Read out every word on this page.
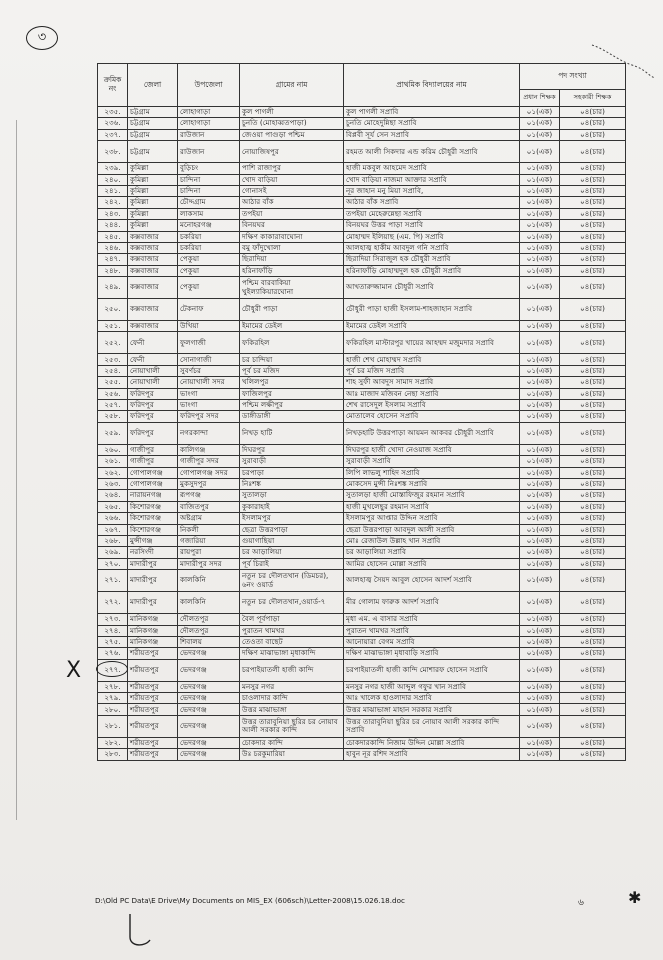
৩
ক্রমিক নং	জেলা	উপজেলা	গ্রামের নাম	প্রাথমিক বিদ্যালয়ের নাম	পদ সংখ্যা	
					প্রধান শিক্ষক	সহকারী শিক্ষক
২৩৫.	চট্টগ্রাম	লোহাগাড়া	কুল পাগলী	কুল পাগলী সপ্রাবি	০১(এক)	০৪(চার)
২৩৬.	চট্টগ্রাম	লোহাগাড়া	চুনতি (মোহাব্বতপাড়া)	চুনতি মোহেদুন্নিছা সপ্রাবি	০১(এক)	০৪(চার)
২৩৭.	চট্টগ্রাম	রাউজান	জেওয়া পাগুড়া পশ্চিম	বিপ্লবী সূর্য সেন সপ্রাবি	০১(এক)	০৪(চার)
২৩৮.	চট্টগ্রাম	রাউজান	নোয়াজিষপুর	রহমত আলী সিকদার এন্ড করিম চৌধুরী সপ্রাবি	০১(এক)	০৪(চার)
২৩৯.	কুমিল্লা	বুড়িচং	পাশি রাজাপুর	হাজী মকবুল আহমেদ সপ্রাবি	০১(এক)	০৪(চার)
২৪০.	কুমিল্লা	চান্দিনা	খোদ বাড়িয়া	খোদ বাড়িয়া নাজমা আক্তার সপ্রাবি	০১(এক)	০৪(চার)
২৪১.	কুমিল্লা	চান্দিনা	গোনাসই	নূর জাহান মনু মিয়া সপ্রাবি,	০১(এক)	০৪(চার)
২৪২.	কুমিল্লা	চৌদ্দগ্রাম	আঠার বাঁক	আঠার বাঁক সপ্রাবি	০১(এক)	০৪(চার)
২৪৩.	কুমিল্লা	লাকসাম	তপইয়া	তপইয়া মেহেরুন্নেছা সপ্রাবি	০১(এক)	০৪(চার)
২৪৪.	কুমিল্লা	মনোহরগঞ্জ	বিনয়ঘর	বিনয়ঘর উত্তর পাড়া সপ্রাবি	০১(এক)	০৪(চার)
২৪৫.	কক্সবাজার	চকরিয়া	দক্ষিণ কাকারাবাঘোনা	মোহাম্মদ ইলিয়াছ (এম. পি) সপ্রাবি	০১(এক)	০৪(চার)
২৪৬.	কক্সবাজার	চকরিয়া	বমু ফাঁদুখোলা	আলহাজ্ব হাকীম আবদুল গনি সপ্রাবি	০১(এক)	০৪(চার)
২৪৭.	কক্সবাজার	পেকুয়া	ছিরাদিয়া	ছিরাদিয়া সিরাজুল হক চৌধুরী সপ্রাবি	০১(এক)	০৪(চার)
২৪৮.	কক্সবাজার	পেকুয়া	হরিনাফাঁড়ি	হরিনাফাঁড়ি মোহাম্মদুল হক চৌধুরী সপ্রাবি	০১(এক)	০৪(চার)
২৪৯.	কক্সবাজার	পেকুয়া	পশ্চিম বারবাকিয়া খুইল্যাকিয়ারঘোনা	আখতারুজ্জামান চৌধুরী সপ্রাবি	০১(এক)	০৪(চার)
২৫০.	কক্সবাজার	টেকনাফ	চৌধুরী পাড়া	চৌধুরী পাড়া হাজী ইসলাম-শাহজাহান সপ্রাবি	০১(এক)	০৪(চার)
২৫১.	কক্সবাজার	উখিয়া	ইমামের ডেইল	ইমামের ডেইল সপ্রাবি	০১(এক)	০৪(চার)
২৫২.	ফেনী	ফুলগাজী	ফকিরহিল	ফকিরহিল মাস্টারপুর খায়ের আহম্মদ মজুমদার সপ্রাবি	০১(এক)	০৪(চার)
২৫৩.	ফেনী	সোনাগাজী	চর চান্দিয়া	হাজী শেখ মোহাম্মদ সপ্রাবি	০১(এক)	০৪(চার)
২৫৪.	নোয়াখালী	সুবর্ণচর	পূর্ব চর মজিদ	পূর্ব চর মজিদ সপ্রাবি	০১(এক)	০৪(চার)
২৫৫.	নোয়াখালী	নোয়াখালী সদর	খলিলপুর	শাহ সুফী আবদুস সামাদ সপ্রাবি	০১(এক)	০৪(চার)
২৫৬.	ফরিদপুর	ভাংগা	ফাজিলপুর	আঃ মাজাদ মজিবন নেছা সপ্রাবি	০১(এক)	০৪(চার)
২৫৭.	ফরিদপুর	ভাংগা	পশ্চিম লক্ষীপুর	শেখ রাসেদুল ইসলাম সপ্রাবি	০১(এক)	০৪(চার)
২৫৮.	ফরিদপুর	ফরিদপুর সদর	ডাঙ্গীডাঙ্গী	মোতালেব হোসেন সপ্রাবি	০১(এক)	০৪(চার)
২৫৯.	ফরিদপুর	নগরকান্দা	নিখড় হাটি	নিখড়হাটি উত্তরপাড়া আয়মন আকবর চৌধুরী সপ্রাবি	০১(এক)	০৪(চার)
২৬০.	গাজীপুর	কালিগঞ্জ	দিঘরপুর	দিঘরপুর হাজী খোদা নেওয়াজ সপ্রাবি	০১(এক)	০৪(চার)
২৬১.	গাজীপুর	গাজীপুর সদর	সুরাবাড়ী	সুরাবাড়ী সপ্রাবি	০১(এক)	০৪(চার)
২৬২.	গোপালগঞ্জ	গোপালগঞ্জ সদর	চরপাড়া	লিপি লাভলু শাহিদ সপ্রাবি	০১(এক)	০৪(চার)
২৬৩.	গোপালগঞ্জ	মুকসুদপুর	নিঃশঙ্ক	মোকসেদ মুন্সী নিঃশঙ্ক সপ্রাবি	০১(এক)	০৪(চার)
২৬৪.	নারায়নগঞ্জ	রূপগঞ্জ	সুতালড়া	সুতালড়া হাজী মোস্তাফিজুর রহমান সপ্রাবি	০১(এক)	০৪(চার)
২৬৫.	কিশোরগঞ্জ	বাজিতপুর	কুকারাহাই	হাজী মুখলেছুর রহমান সপ্রাবি	০১(এক)	০৪(চার)
২৬৬.	কিশোরগঞ্জ	অষ্টগ্রাম	ইসলামপুর	ইসলামপুর আপ্তার উদ্দিন সপ্রাবি	০১(এক)	০৪(চার)
২৬৭.	কিশোরগঞ্জ	নিকলী	ছেত্রা উত্তরপাড়া	ছেত্রা উত্তরপাড়া আবদুল আলী সপ্রাবি	০১(এক)	০৪(চার)
২৬৮.	মুন্সীগঞ্জ	গজারিয়া	গুয়াগাছিয়া	মোঃ রেজাউল উল্লাহ খান সপ্রাবি	০১(এক)	০৪(চার)
২৬৯.	নরসিংদী	রায়পুরা	চর আড়ালিয়া	চর আড়ালিয়া সপ্রাবি	০১(এক)	০৪(চার)
২৭০.	মাদারীপুর	মাদারীপুর সদর	পূর্ব চিরাই	আমির হোসেন মোল্লা সপ্রাবি	০১(এক)	০৪(চার)
২৭১.	মাদারীপুর	কালকিনি	নতুন চর দৌলতখান (ডিমচর), ৬নং ওয়ার্ড	আলহাজ্ব সৈয়দ আবুল হোসেন আদর্শ সপ্রাবি	০১(এক)	০৪(চার)
২৭২.	মাদারীপুর	কালকিনি	নতুন চর দৌলতখান,ওয়ার্ড-৭	মীর গোলাম ফারুক আদর্শ সপ্রাবি	০১(এক)	০৪(চার)
২৭৩.	মানিকগঞ্জ	দৌলতপুর	বৈল পূর্বপাড়া	মৃধা এম. এ বাসার সপ্রাবি	০১(এক)	০৪(চার)
২৭৪.	মানিকগঞ্জ	দৌলতপুর	পুরাতন খামখর	পুরাতন খামখর সপ্রাবি	০১(এক)	০৪(চার)
২৭৫.	মানিকগঞ্জ	শিবালয়	তেওতা বাছেট	আনোয়ারা বেগম সপ্রাবি	০১(এক)	০৪(চার)
২৭৬.	শরীয়তপুর	ভেদরগঞ্জ	দক্ষিণ মাঝাভাঙ্গা মৃধাকান্দি	দক্ষিণ মাঝাভাঙ্গা মৃধাবাড়ি সপ্রাবি	০১(এক)	০৪(চার)
২৭৭.	শরীয়তপুর	ভেদরগঞ্জ	চরপাইয়াতলী হাজী কান্দি	চরপাইয়াতলী হাজী কান্দি মোশারফ হোসেন সপ্রাবি	০১(এক)	০৪(চার)
২৭৮.	শরীয়তপুর	ভেদরগঞ্জ	মনসুর নগর	মনসুর নগর হাজী আব্দুল গফুর খান সপ্রাবি	০১(এক)	০৪(চার)
২৭৯.	শরীয়তপুর	ভেদরগঞ্জ	চাওলাদার কান্দি	আঃ খালেক হাওলাদার সপ্রাবি	০১(এক)	০৪(চার)
২৮০.	শরীয়তপুর	ভেদরগঞ্জ	উত্তর মাঝাভাঙ্গা	উত্তর মাঝাভাঙ্গা মাহান সরকার সপ্রাবি	০১(এক)	০৪(চার)
২৮১.	শরীয়তপুর	ভেদরগঞ্জ	উত্তর তারাবুনিয়া ছুরির চর নোয়াব আলী সরকার কান্দি	উত্তর তারাবুনিয়া ছুরির চর নোয়াব আলী সরকার কান্দি সপ্রাবি	০১(এক)	০৪(চার)
২৮২.	শরীয়তপুর	ভেদরগঞ্জ	চোকদার কান্দি	চোকদারকান্দি নিজাম উদ্দিন মোল্লা সপ্রাবি	০১(এক)	০৪(চার)
২৮৩.	শরীয়তপুর	ভেদরগঞ্জ	উঃ চরকুমারিয়া	হাবুন নূর রশিদ সপ্রাবি	০১(এক)	০৪(চার)
X
D:\Old PC Data\E Drive\My Documents on MIS_EX (606sch)\Letter-2008\15.026.18.doc	৬	✱
